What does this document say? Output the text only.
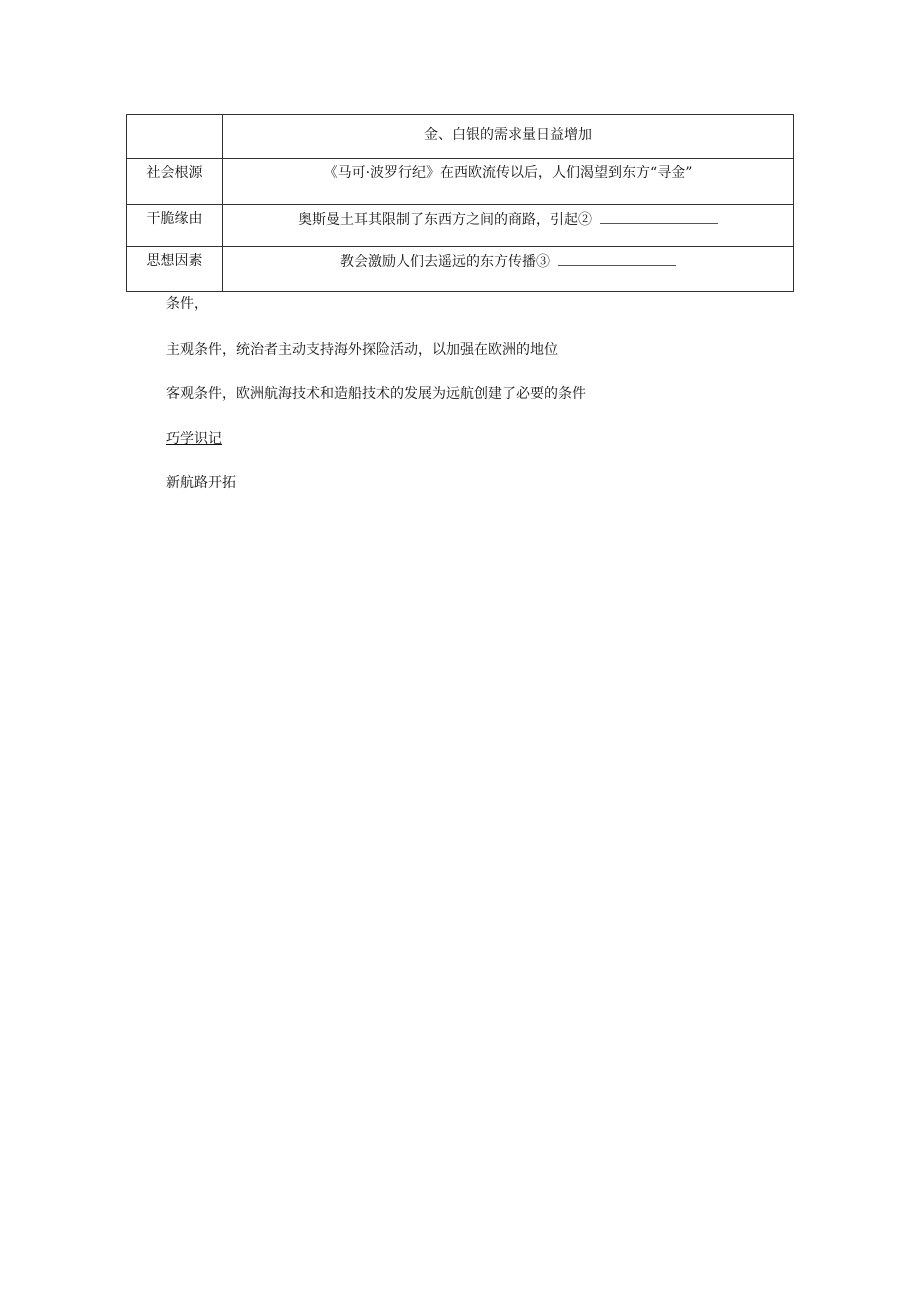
	金、白银的需求量日益增加
社会根源	《马可·波罗行纪》在西欧流传以后，人们渴望到东方“寻金”
干脆缘由	奥斯曼土耳其限制了东西方之间的商路，引起②
思想因素	教会激励人们去遥远的东方传播③
条件，
主观条件，统治者主动支持海外探险活动，以加强在欧洲的地位
客观条件，欧洲航海技术和造船技术的发展为远航创建了必要的条件
巧学识记
新航路开拓
